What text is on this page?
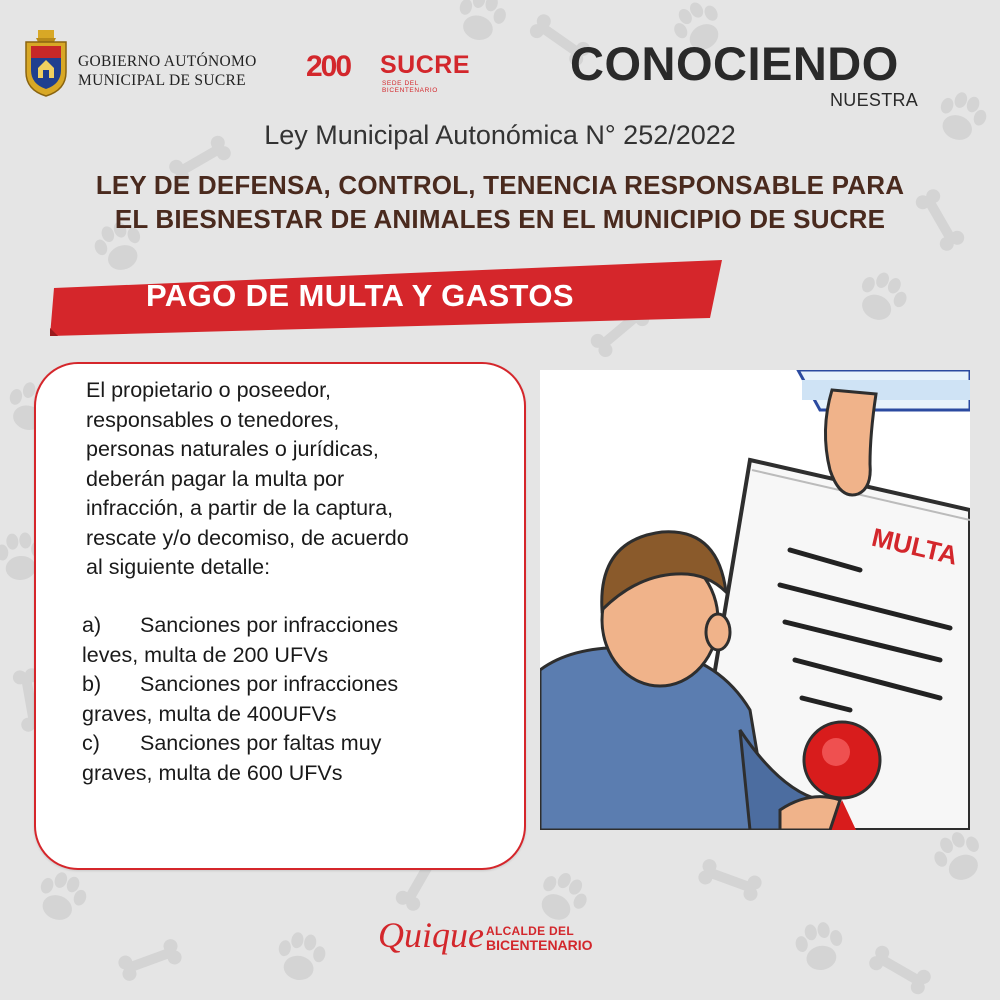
GOBIERNO AUTÓNOMO
MUNICIPAL DE SUCRE	200 SUCRE
SEDE DEL BICENTENARIO
CONOCIENDO
NUESTRA
Ley Municipal Autonómica N° 252/2022
LEY DE DEFENSA, CONTROL, TENENCIA RESPONSABLE PARA
EL BIESNESTAR DE ANIMALES EN EL MUNICIPIO DE SUCRE
PAGO DE MULTA Y GASTOS
El propietario o poseedor,
responsables o tenedores,
personas naturales o jurídicas,
deberán pagar la multa por
infracción, a partir de la captura,
rescate y/o decomiso, de acuerdo
al siguiente detalle:
a) Sanciones por infracciones
leves, multa de 200 UFVs
b) Sanciones por infracciones
graves, multa de 400UFVs
c) Sanciones por faltas muy
graves, multa de 600 UFVs
MULTA
Quique ALCALDE DEL
BICENTENARIO
